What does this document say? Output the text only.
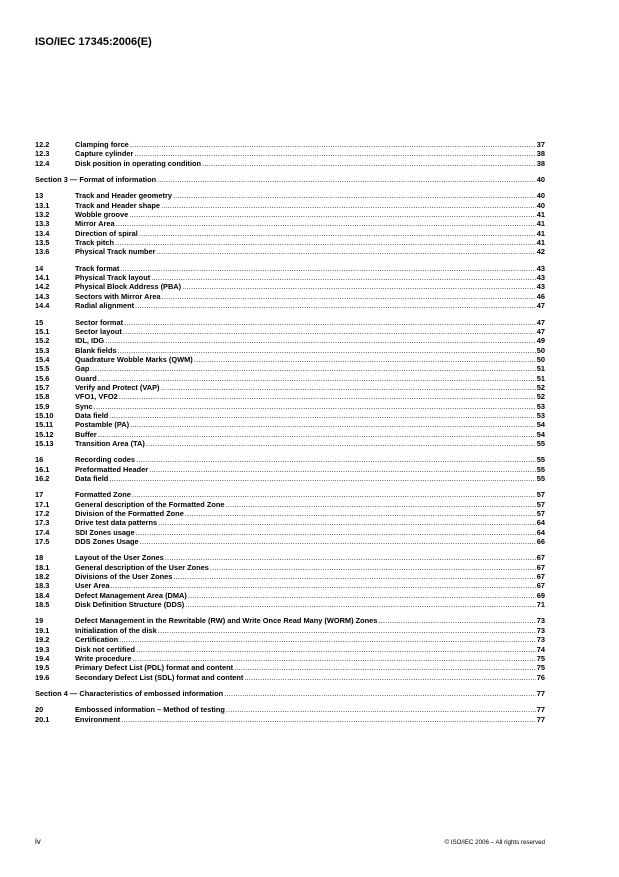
ISO/IEC 17345:2006(E)
12.2	Clamping force .....	37
12.3	Capture cylinder .....	38
12.4	Disk position in operating condition .....	38
Section 3 — Format of information .....	40
13	Track and Header geometry .....	40
13.1	Track and Header shape .....	40
13.2	Wobble groove .....	41
13.3	Mirror Area .....	41
13.4	Direction of spiral .....	41
13.5	Track pitch .....	41
13.6	Physical Track number .....	42
14	Track format .....	43
14.1	Physical Track layout .....	43
14.2	Physical Block Address (PBA) .....	43
14.3	Sectors with Mirror Area .....	46
14.4	Radial alignment .....	47
15	Sector format .....	47
15.1	Sector layout .....	47
15.2	IDL, IDG .....	49
15.3	Blank fields .....	50
15.4	Quadrature Wobble Marks (QWM) .....	50
15.5	Gap .....	51
15.6	Guard .....	51
15.7	Verify and Protect (VAP) .....	52
15.8	VFO1, VFO2 .....	52
15.9	Sync .....	53
15.10	Data field .....	53
15.11	Postamble (PA) .....	54
15.12	Buffer .....	54
15.13	Transition Area (TA) .....	55
16	Recording codes .....	55
16.1	Preformatted Header .....	55
16.2	Data field .....	55
17	Formatted Zone .....	57
17.1	General description of the Formatted Zone .....	57
17.2	Division of the Formatted Zone .....	57
17.3	Drive test data patterns .....	64
17.4	SDI Zones usage .....	64
17.5	DDS Zones Usage .....	66
18	Layout of the User Zones .....	67
18.1	General description of the User Zones .....	67
18.2	Divisions of the User Zones .....	67
18.3	User Area .....	67
18.4	Defect Management Area (DMA) .....	69
18.5	Disk Definition Structure (DDS) .....	71
19	Defect Management in the Rewritable (RW) and Write Once Read Many (WORM) Zones .....	73
19.1	Initialization of the disk .....	73
19.2	Certification .....	73
19.3	Disk not certified .....	74
19.4	Write procedure .....	75
19.5	Primary Defect List (PDL) format and content .....	75
19.6	Secondary Defect List (SDL) format and content .....	76
Section 4 — Characteristics of embossed information .....	77
20	Embossed information – Method of testing .....	77
20.1	Environment .....	77
iv	© ISO/IEC 2006 – All rights reserved
